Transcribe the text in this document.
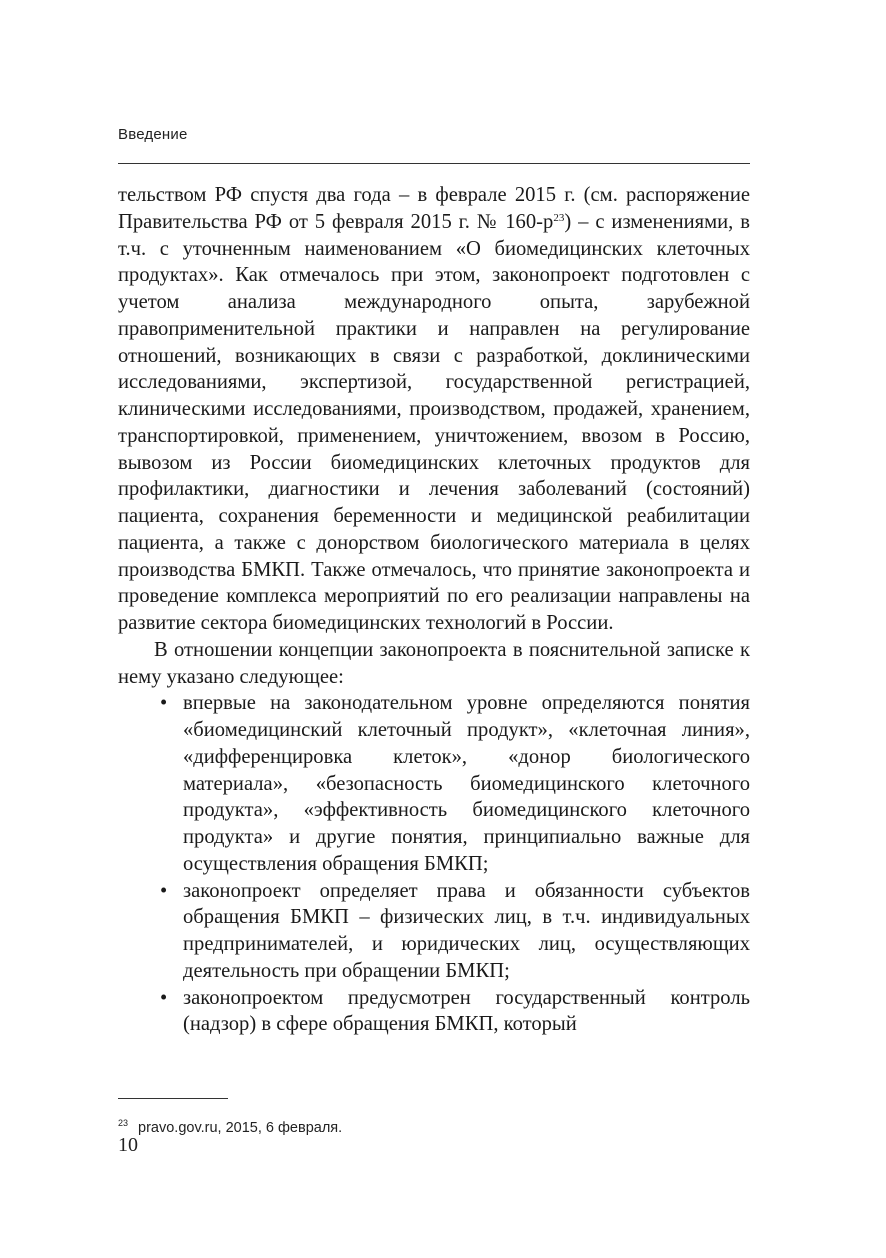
Введение

тельством РФ спустя два года – в феврале 2015 г. (см. распоряжение Правительства РФ от 5 февраля 2015 г. № $160-р^{23}$) – с изменениями, в т.ч. с уточненным наименованием «О биомедицинских клеточных продуктах». Как отмечалось при этом, законопроект подготовлен с учетом анализа международного опыта, зарубежной правоприменительной практики и направлен на регулирование отношений, возникающих в связи с разработкой, доклиническими исследованиями, экспертизой, государственной регистрацией, клиническими исследованиями, производством, продажей, хранением, транспортировкой, применением, уничтожением, ввозом в Россию, вывозом из России биомедицинских клеточных продуктов для профилактики, диагностики и лечения заболеваний (состояний) пациента, сохранения беременности и медицинской реабилитации пациента, а также с донорством биологического материала в целях производства БМКП. Также отмечалось, что принятие законопроекта и проведение комплекса мероприятий по его реализации направлены на развитие сектора биомедицинских технологий в России.

В отношении концепции законопроекта в пояснительной записке к нему указано следующее:

• впервые на законодательном уровне определяются понятия «биомедицинский клеточный продукт», «клеточная линия», «дифференцировка клеток», «донор биологического материала», «безопасность биомедицинского клеточного продукта», «эффективность биомедицинского клеточного продукта» и другие понятия, принципиально важные для осуществления обращения БМКП;
• законопроект определяет права и обязанности субъектов обращения БМКП – физических лиц, в т.ч. индивидуальных предпринимателей, и юридических лиц, осуществляющих деятельность при обращении БМКП;
• законопроектом предусмотрен государственный контроль (надзор) в сфере обращения БМКП, который
$^{23}$ pravo.gov.ru, 2015, 6 февраля.
10
